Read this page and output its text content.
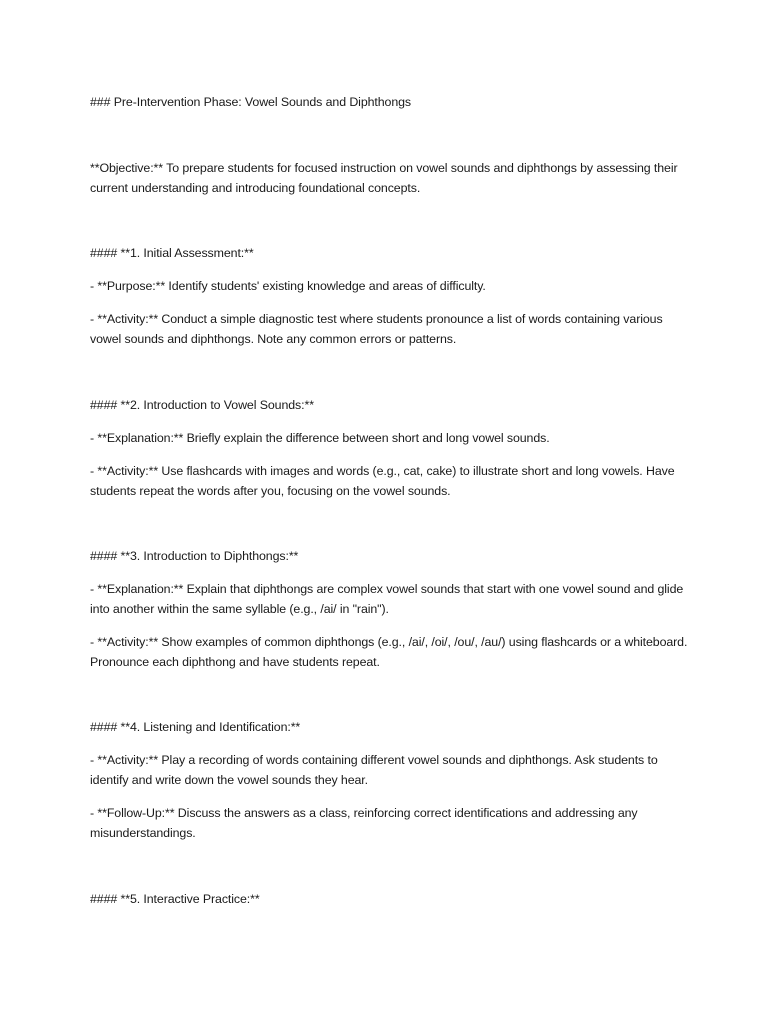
### Pre-Intervention Phase: Vowel Sounds and Diphthongs

**Objective:** To prepare students for focused instruction on vowel sounds and diphthongs by assessing their current understanding and introducing foundational concepts.

#### **1. Initial Assessment:**

- **Purpose:** Identify students' existing knowledge and areas of difficulty.

- **Activity:** Conduct a simple diagnostic test where students pronounce a list of words containing various vowel sounds and diphthongs. Note any common errors or patterns.

#### **2. Introduction to Vowel Sounds:**

- **Explanation:** Briefly explain the difference between short and long vowel sounds.

- **Activity:** Use flashcards with images and words (e.g., cat, cake) to illustrate short and long vowels. Have students repeat the words after you, focusing on the vowel sounds.

#### **3. Introduction to Diphthongs:**

- **Explanation:** Explain that diphthongs are complex vowel sounds that start with one vowel sound and glide into another within the same syllable (e.g., /ai/ in "rain").

- **Activity:** Show examples of common diphthongs (e.g., /ai/, /oi/, /ou/, /au/) using flashcards or a whiteboard. Pronounce each diphthong and have students repeat.

#### **4. Listening and Identification:**

- **Activity:** Play a recording of words containing different vowel sounds and diphthongs. Ask students to identify and write down the vowel sounds they hear.

- **Follow-Up:** Discuss the answers as a class, reinforcing correct identifications and addressing any misunderstandings.

#### **5. Interactive Practice:**
